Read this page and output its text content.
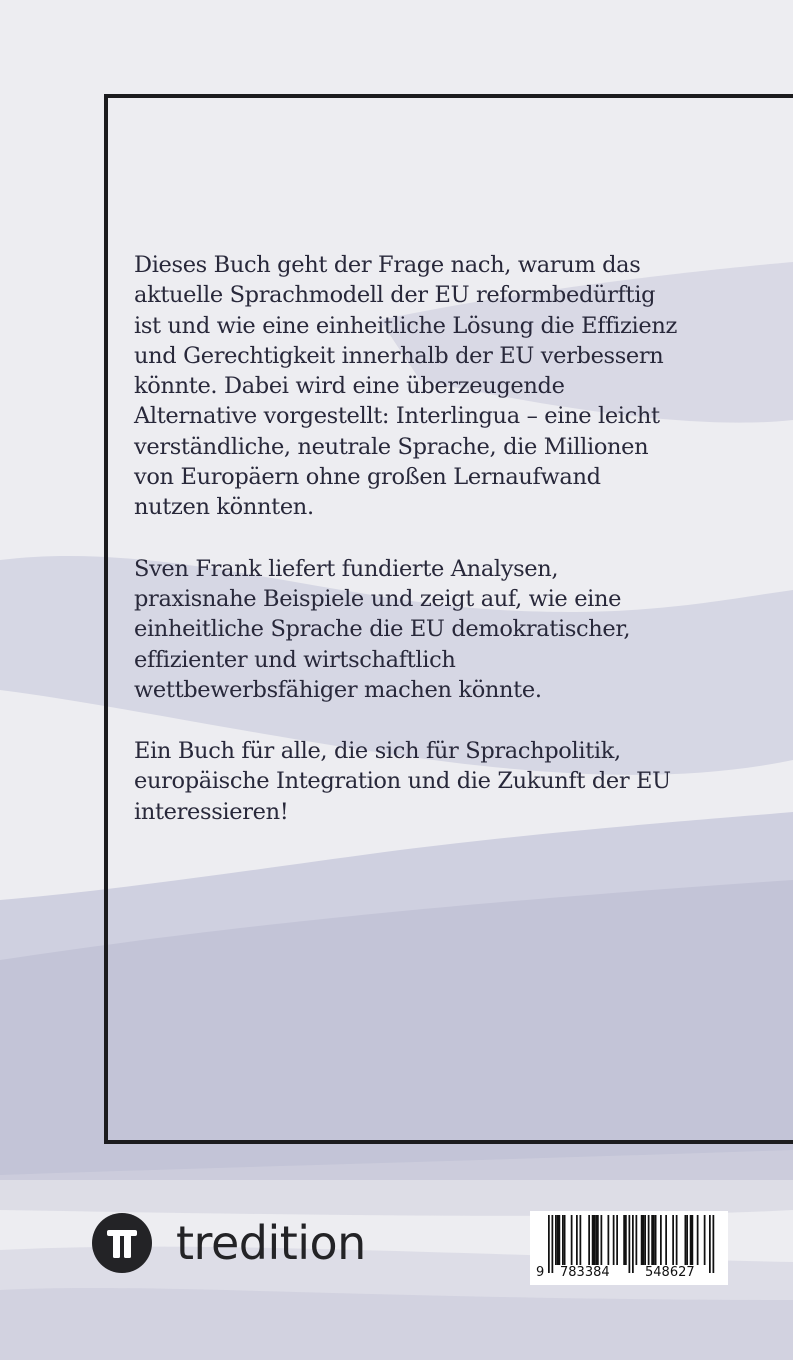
Dieses Buch geht der Frage nach, warum das
aktuelle Sprachmodell der EU reformbedürftig
ist und wie eine einheitliche Lösung die Effizienz
und Gerechtigkeit innerhalb der EU verbessern
könnte. Dabei wird eine überzeugende
Alternative vorgestellt: Interlingua – eine leicht
verständliche, neutrale Sprache, die Millionen
von Europäern ohne großen Lernaufwand
nutzen könnten.

Sven Frank liefert fundierte Analysen,
praxisnahe Beispiele und zeigt auf, wie eine
einheitliche Sprache die EU demokratischer,
effizienter und wirtschaftlich
wettbewerbsfähiger machen könnte.

Ein Buch für alle, die sich für Sprachpolitik,
europäische Integration und die Zukunft der EU
interessieren!

tredition
9 783384	548627
